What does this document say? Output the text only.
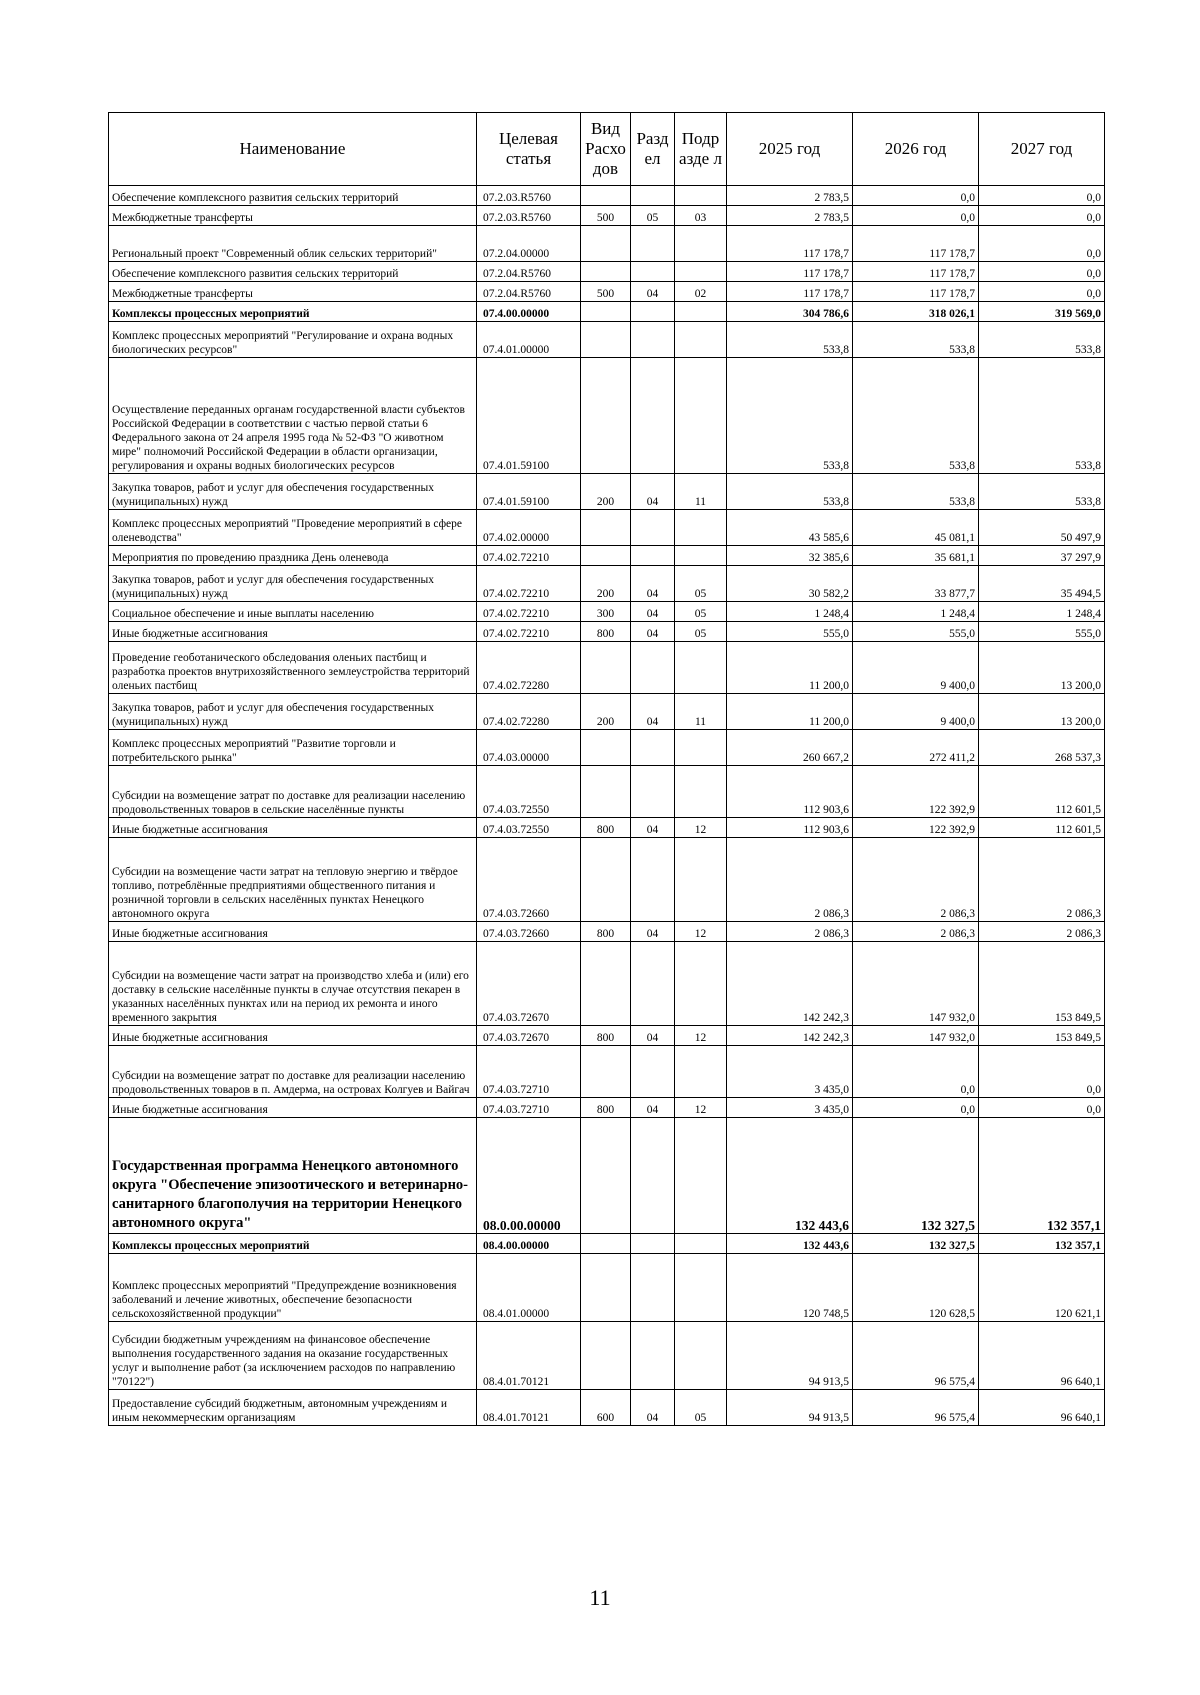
Наименование	Целевая статья	Вид Расхо дов	Разд ел	Подр азде л	2025 год	2026 год	2027 год
Обеспечение комплексного развития сельских территорий	07.2.03.R5760				2 783,5	0,0	0,0
Межбюджетные трансферты	07.2.03.R5760	500	05	03	2 783,5	0,0	0,0
Региональный проект "Современный облик сельских территорий"	07.2.04.00000				117 178,7	117 178,7	0,0
Обеспечение комплексного развития сельских территорий	07.2.04.R5760				117 178,7	117 178,7	0,0
Межбюджетные трансферты	07.2.04.R5760	500	04	02	117 178,7	117 178,7	0,0
Комплексы процессных мероприятий	07.4.00.00000				304 786,6	318 026,1	319 569,0
Комплекс процессных мероприятий "Регулирование и охрана водных биологических ресурсов"	07.4.01.00000				533,8	533,8	533,8
Осуществление переданных органам государственной власти субъектов Российской Федерации в соответствии с частью первой статьи 6 Федерального закона от 24 апреля 1995 года № 52-ФЗ "О животном мире" полномочий Российской Федерации в области организации, регулирования и охраны водных биологических ресурсов	07.4.01.59100				533,8	533,8	533,8
Закупка товаров, работ и услуг для обеспечения государственных (муниципальных) нужд	07.4.01.59100	200	04	11	533,8	533,8	533,8
Комплекс процессных мероприятий "Проведение мероприятий в сфере оленеводства"	07.4.02.00000				43 585,6	45 081,1	50 497,9
Мероприятия по проведению праздника День оленевода	07.4.02.72210				32 385,6	35 681,1	37 297,9
Закупка товаров, работ и услуг для обеспечения государственных (муниципальных) нужд	07.4.02.72210	200	04	05	30 582,2	33 877,7	35 494,5
Социальное обеспечение и иные выплаты населению	07.4.02.72210	300	04	05	1 248,4	1 248,4	1 248,4
Иные бюджетные ассигнования	07.4.02.72210	800	04	05	555,0	555,0	555,0
Проведение геоботанического обследования оленьих пастбищ и разработка проектов внутрихозяйственного землеустройства территорий оленьих пастбищ	07.4.02.72280				11 200,0	9 400,0	13 200,0
Закупка товаров, работ и услуг для обеспечения государственных (муниципальных) нужд	07.4.02.72280	200	04	11	11 200,0	9 400,0	13 200,0
Комплекс процессных мероприятий "Развитие торговли и потребительского рынка"	07.4.03.00000				260 667,2	272 411,2	268 537,3
Субсидии на возмещение затрат по доставке для реализации населению продовольственных товаров в сельские населённые пункты	07.4.03.72550				112 903,6	122 392,9	112 601,5
Иные бюджетные ассигнования	07.4.03.72550	800	04	12	112 903,6	122 392,9	112 601,5
Субсидии на возмещение части затрат на тепловую энергию и твёрдое топливо, потреблённые предприятиями общественного питания и розничной торговли в сельских населённых пунктах Ненецкого автономного округа	07.4.03.72660				2 086,3	2 086,3	2 086,3
Иные бюджетные ассигнования	07.4.03.72660	800	04	12	2 086,3	2 086,3	2 086,3
Субсидии на возмещение части затрат на производство хлеба и (или) его доставку в сельские населённые пункты в случае отсутствия пекарен в указанных населённых пунктах или на период их ремонта и иного временного закрытия	07.4.03.72670				142 242,3	147 932,0	153 849,5
Иные бюджетные ассигнования	07.4.03.72670	800	04	12	142 242,3	147 932,0	153 849,5
Субсидии на возмещение затрат по доставке для реализации населению продовольственных товаров в п. Амдерма, на островах Колгуев и Вайгач	07.4.03.72710				3 435,0	0,0	0,0
Иные бюджетные ассигнования	07.4.03.72710	800	04	12	3 435,0	0,0	0,0
Государственная программа Ненецкого автономного округа "Обеспечение эпизоотического и ветеринарно-санитарного благополучия на территории Ненецкого автономного округа"	08.0.00.00000				132 443,6	132 327,5	132 357,1
Комплексы процессных мероприятий	08.4.00.00000				132 443,6	132 327,5	132 357,1
Комплекс процессных мероприятий "Предупреждение возникновения заболеваний и лечение животных, обеспечение безопасности сельскохозяйственной продукции"	08.4.01.00000				120 748,5	120 628,5	120 621,1
Субсидии бюджетным учреждениям на финансовое обеспечение выполнения государственного задания на оказание государственных услуг и выполнение работ (за исключением расходов по направлению "70122")	08.4.01.70121				94 913,5	96 575,4	96 640,1
Предоставление субсидий бюджетным, автономным учреждениям и иным некоммерческим организациям	08.4.01.70121	600	04	05	94 913,5	96 575,4	96 640,1
11
